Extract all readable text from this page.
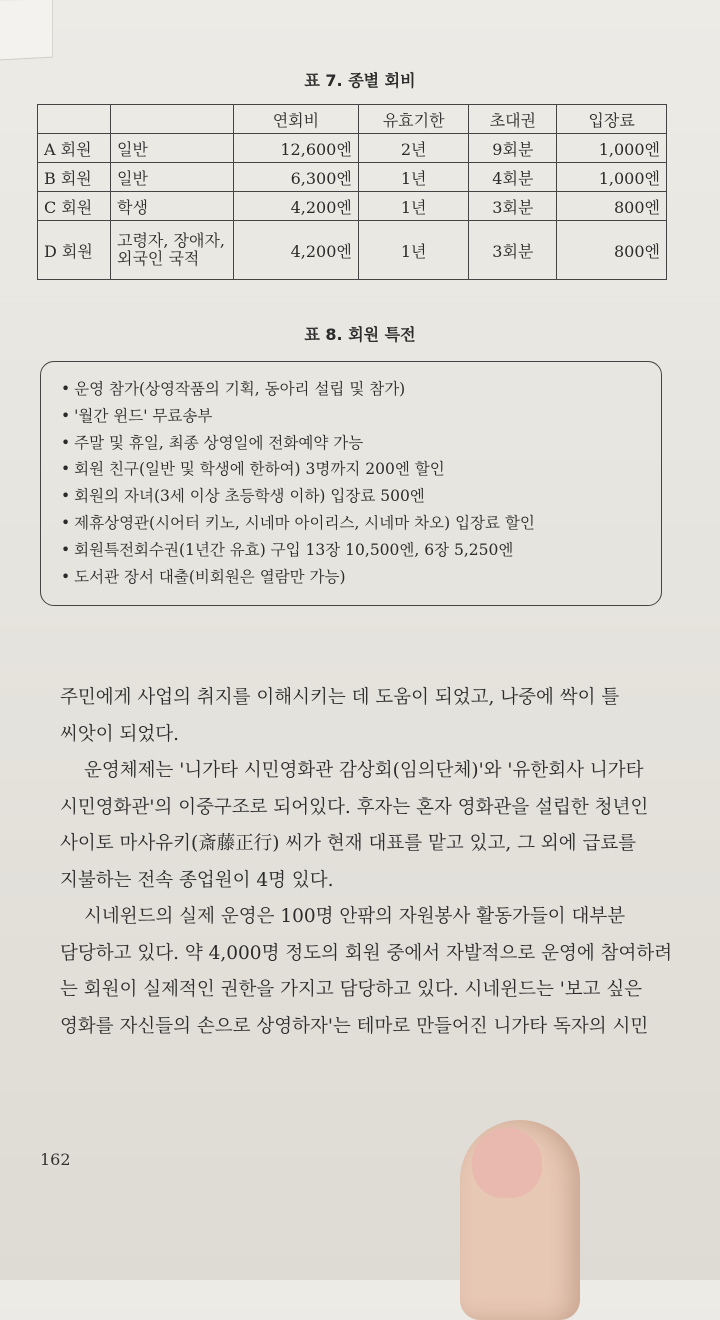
표 7. 종별 회비
		연회비	유효기한	초대권	입장료
A 회원	일반	12,600엔	2년	9회분	1,000엔
B 회원	일반	6,300엔	1년	4회분	1,000엔
C 회원	학생	4,200엔	1년	3회분	800엔
D 회원	고령자, 장애자, 외국인 국적	4,200엔	1년	3회분	800엔
표 8. 회원 특전
• 운영 참가(상영작품의 기획, 동아리 설립 및 참가)
• '월간 윈드' 무료송부
• 주말 및 휴일, 최종 상영일에 전화예약 가능
• 회원 친구(일반 및 학생에 한하여) 3명까지 200엔 할인
• 회원의 자녀(3세 이상 초등학생 이하) 입장료 500엔
• 제휴상영관(시어터 키노, 시네마 아이리스, 시네마 차오) 입장료 할인
• 회원특전회수권(1년간 유효) 구입 13장 10,500엔, 6장 5,250엔
• 도서관 장서 대출(비회원은 열람만 가능)

주민에게 사업의 취지를 이해시키는 데 도움이 되었고, 나중에 싹이 틀

씨앗이 되었다.

운영체제는 '니가타 시민영화관 감상회(임의단체)'와 '유한회사 니가타

시민영화관'의 이중구조로 되어있다. 후자는 혼자 영화관을 설립한 청년인

사이토 마사유키(斎藤正行) 씨가 현재 대표를 맡고 있고, 그 외에 급료를

지불하는 전속 종업원이 4명 있다.

시네윈드의 실제 운영은 100명 안팎의 자원봉사 활동가들이 대부분

담당하고 있다. 약 4,000명 정도의 회원 중에서 자발적으로 운영에 참여하려

는 회원이 실제적인 권한을 가지고 담당하고 있다. 시네윈드는 '보고 싶은

영화를 자신들의 손으로 상영하자'는 테마로 만들어진 니가타 독자의 시민

162
